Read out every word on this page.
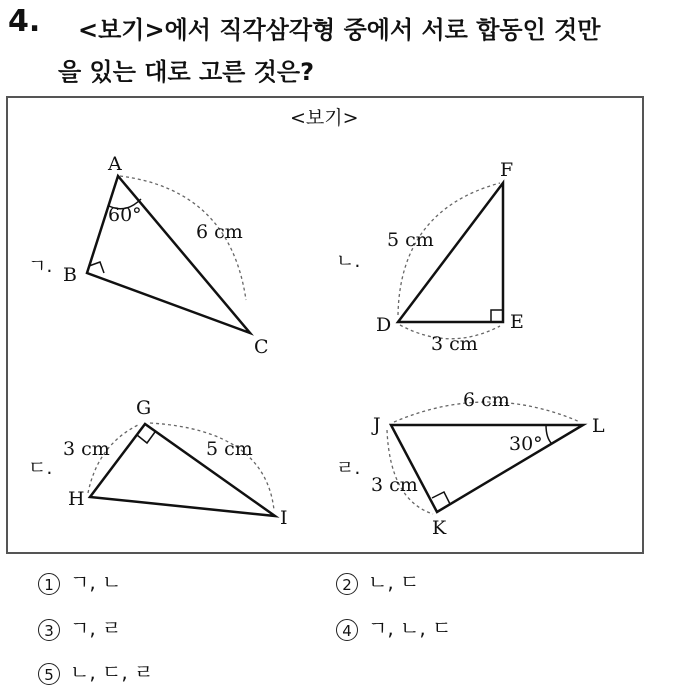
4. <보기>에서 직각삼각형 중에서 서로 합동인 것만
을 있는 대로 고른 것은?
<보기>
ㄱ.
A
B
C
60°
6 cm
ㄴ.
F
D	E
5 cm
3 cm
ㄷ.
G
H
I
3 cm	5 cm
ㄹ.
J	L
K
6 cm
3 cm
30°
1 ㄱ, ㄴ	2 ㄴ, ㄷ
3 ㄱ, ㄹ	4 ㄱ, ㄴ, ㄷ
5 ㄴ, ㄷ, ㄹ
